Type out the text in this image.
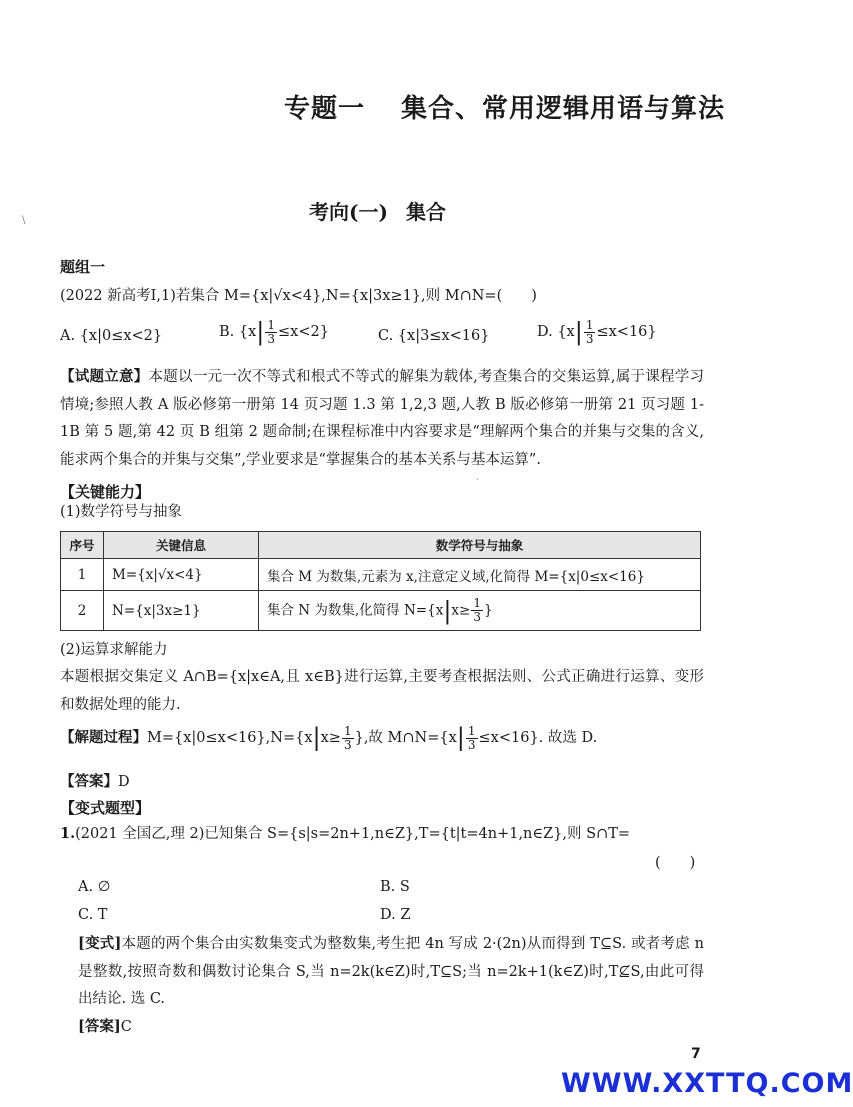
专题一 集合、常用逻辑用语与算法
\	考向(一) 集合
题组一
(2022 新高考Ⅰ,1)若集合 M={x|√x<4},N={x|3x≥1},则 M∩N=(　　)
A. {x|0≤x<2}	B. $\{x| \frac{1}{3} \le x<2\}$	C. {x|3≤x<16}	D. $\{x| \frac{1}{3} \le x<16\}$
【试题立意】本题以一元一次不等式和根式不等式的解集为载体,考查集合的交集运算,属于课程学习情境;参照人教 A 版必修第一册第 14 页习题 1.3 第 1,2,3 题,人教 B 版必修第一册第 21 页习题 1-1B 第 5 题,第 42 页 B 组第 2 题命制;在课程标准中内容要求是“理解两个集合的并集与交集的含义,能求两个集合的并集与交集”,学业要求是“掌握集合的基本关系与基本运算”.
·
【关键能力】
(1)数学符号与抽象
序号	关键信息	数学符号与抽象
1	M={x|√x<4}	集合 M 为数集,元素为 x,注意定义域,化简得 M={x|0≤x<16}
2	N={x|3x≥1}	集合 N 为数集,化简得 $N=\{x|x\ge \frac{1}{3}$ }
(2)运算求解能力
本题根据交集定义 A∩B={x|x∈A,且 x∈B}进行运算,主要考查根据法则、公式正确进行运算、变形和数据处理的能力.
【解题过程】$M=\{x|0\le x<16\},N=\{x|x\ge \frac{1}{3}$ },故 M∩N={x| $\frac{1}{3} \le x<16$}. 故选 D.
【答案】D
【变式题型】
1.(2021 全国乙,理 2)已知集合 S={s|s=2n+1,n∈Z},T={t|t=4n+1,n∈Z},则 S∩T=
(　　)
A. ∅	B. S
C. T	D. Z
[变式]本题的两个集合由实数集变式为整数集,考生把 4n 写成 2·(2n)从而得到 T⊆S. 或者考虑 n 是整数,按照奇数和偶数讨论集合 S,当 n=2k(k∈Z)时,T⊆S;当 n=2k+1(k∈Z)时,T⊈S,由此可得出结论. 选 C.
[答案]C
7
WWW.XXTTQ.COM
